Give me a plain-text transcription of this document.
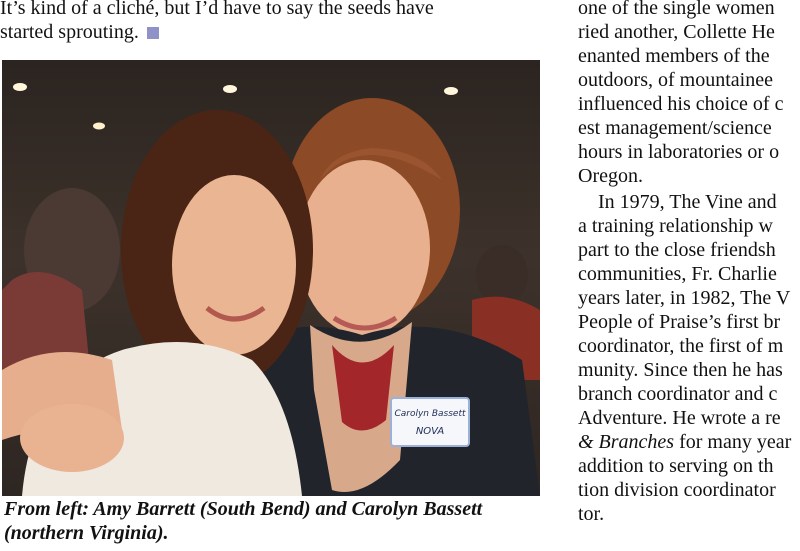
It’s kind of a cliché, but I’d have to say the seeds have

started sprouting.

Carolyn Bassett
NOVA

From left: Amy Barrett (South Bend) and Carolyn Bassett

(northern Virginia).

one of the single women

ried another, Collette He

enanted members of the

outdoors, of mountainee

influenced his choice of c

est management/science

hours in laboratories or o

Oregon.

In 1979, The Vine and

a training relationship w

part to the close friendsh

communities, Fr. Charlie

years later, in 1982, The V

People of Praise’s first br

coordinator, the first of m

munity. Since then he has

branch coordinator and c

Adventure. He wrote a re

& Branches for many year

addition to serving on th

tion division coordinator

tor.
